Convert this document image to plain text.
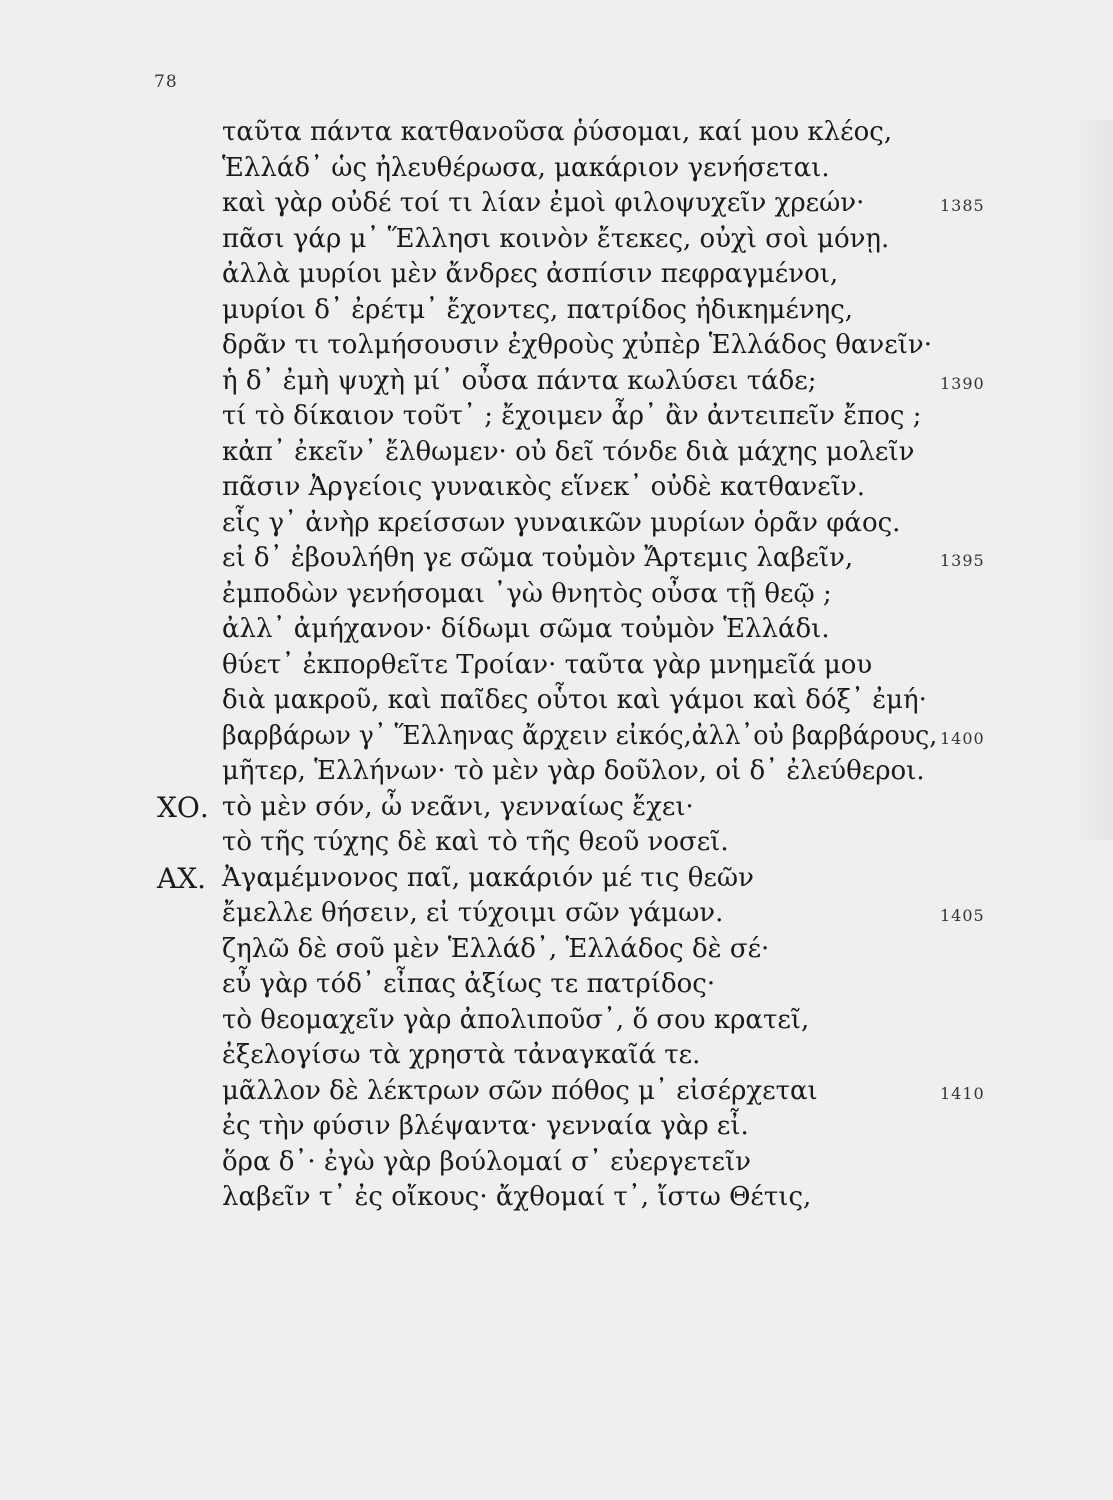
78
ταῦτα πάντα κατθανοῦσα ῥύσομαι, καί μου κλέος,
Ἑλλάδ᾽ ὡς ἠλευθέρωσα, μακάριον γενήσεται.
καὶ γὰρ οὐδέ τοί τι λίαν ἐμοὶ φιλοψυχεῖν χρεών·	1385
πᾶσι γάρ μ᾽ Ἕλλησι κοινὸν ἔτεκες, οὐχὶ σοὶ μόνῃ.
ἀλλὰ μυρίοι μὲν ἄνδρες ἀσπίσιν πεφραγμένοι,
μυρίοι δ᾽ ἐρέτμ᾽ ἔχοντες, πατρίδος ἠδικημένης,
δρᾶν τι τολμήσουσιν ἐχθροὺς χὐπὲρ Ἑλλάδος θανεῖν·
ἡ δ᾽ ἐμὴ ψυχὴ μί᾽ οὖσα πάντα κωλύσει τάδε;	1390
τί τὸ δίκαιον τοῦτ᾽ ; ἔχοιμεν ἆρ᾽ ἂν ἀντειπεῖν ἔπος ;
κἀπ᾽ ἐκεῖν᾽ ἔλθωμεν· οὐ δεῖ τόνδε διὰ μάχης μολεῖν
πᾶσιν Ἀργείοις γυναικὸς εἵνεκ᾽ οὐδὲ κατθανεῖν.
εἷς γ᾽ ἀνὴρ κρείσσων γυναικῶν μυρίων ὁρᾶν φάος.
εἰ δ᾽ ἐβουλήθη γε σῶμα τοὐμὸν Ἄρτεμις λαβεῖν,	1395
ἐμποδὼν γενήσομαι ᾽γὼ θνητὸς οὖσα τῇ θεῷ ;
ἀλλ᾽ ἀμήχανον· δίδωμι σῶμα τοὐμὸν Ἑλλάδι.
θύετ᾽ ἐκπορθεῖτε Τροίαν· ταῦτα γὰρ μνημεῖά μου
διὰ μακροῦ, καὶ παῖδες οὗτοι καὶ γάμοι καὶ δόξ᾽ ἐμή·
βαρβάρων γ᾽ Ἕλληνας ἄρχειν εἰκός,ἀλλ᾽οὐ βαρβάρους, 1400
μῆτερ, Ἑλλήνων· τὸ μὲν γὰρ δοῦλον, οἱ δ᾽ ἐλεύθεροι.
ΧΟ. τὸ μὲν σόν, ὦ νεᾶνι, γενναίως ἔχει·
τὸ τῆς τύχης δὲ καὶ τὸ τῆς θεοῦ νοσεῖ.
ΑΧ. Ἀγαμέμνονος παῖ, μακάριόν μέ τις θεῶν
ἔμελλε θήσειν, εἰ τύχοιμι σῶν γάμων.	1405
ζηλῶ δὲ σοῦ μὲν Ἑλλάδ᾽, Ἑλλάδος δὲ σέ·
εὖ γὰρ τόδ᾽ εἶπας ἀξίως τε πατρίδος·
τὸ θεομαχεῖν γὰρ ἀπολιποῦσ᾽, ὅ σου κρατεῖ,
ἐξελογίσω τὰ χρηστὰ τἀναγκαῖά τε.
μᾶλλον δὲ λέκτρων σῶν πόθος μ᾽ εἰσέρχεται	1410
ἐς τὴν φύσιν βλέψαντα· γενναία γὰρ εἶ.
ὅρα δ᾽· ἐγὼ γὰρ βούλομαί σ᾽ εὐεργετεῖν
λαβεῖν τ᾽ ἐς οἴκους· ἄχθομαί τ᾽, ἴστω Θέτις,
